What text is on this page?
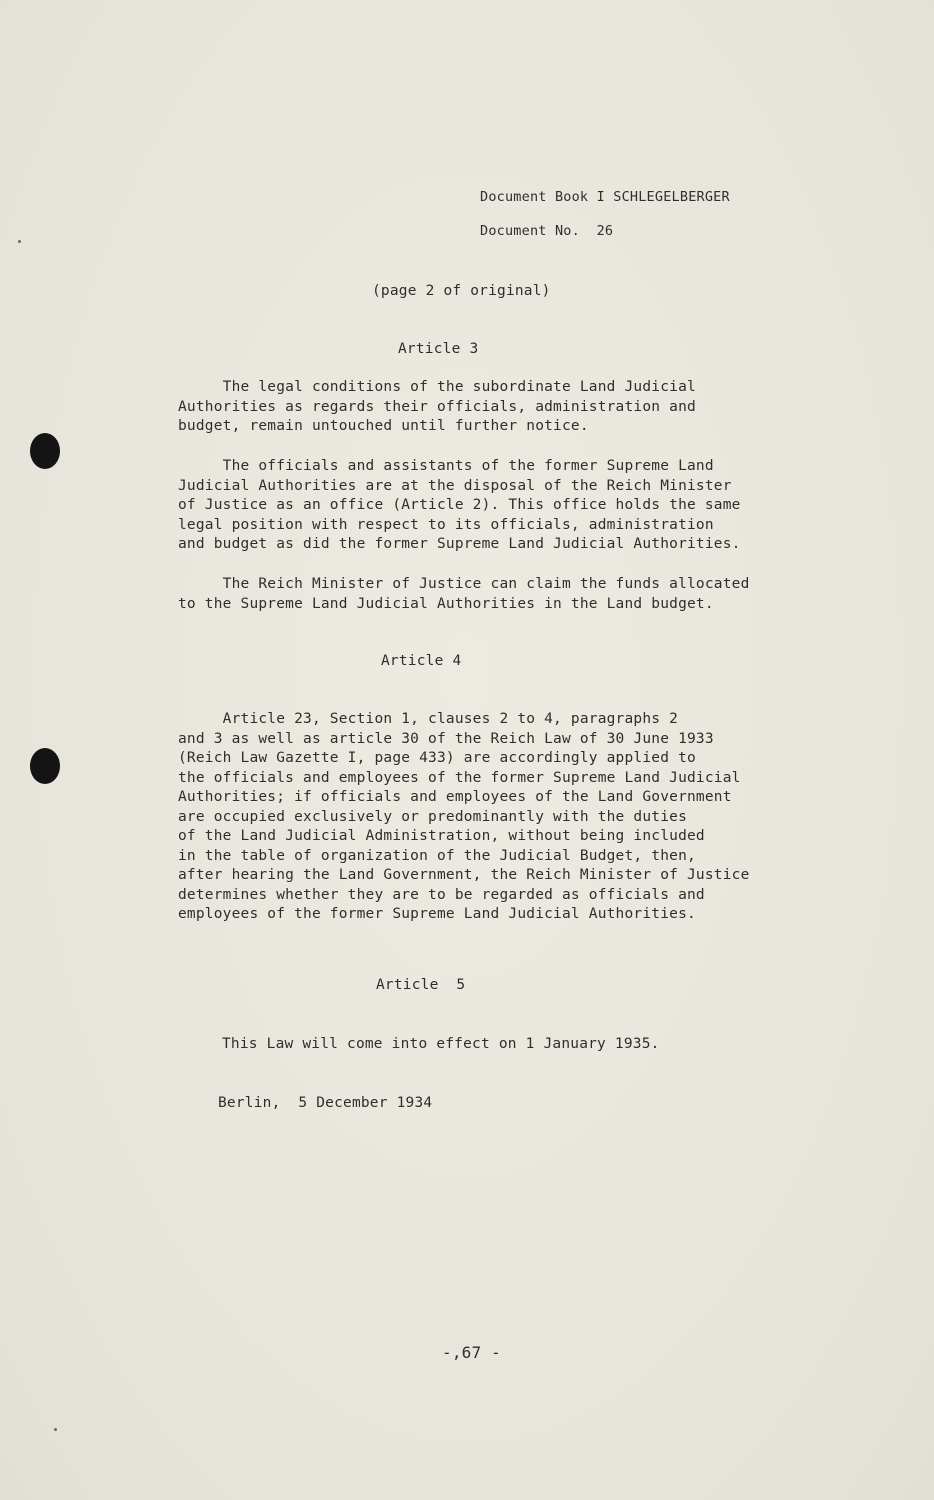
Document Book I SCHLEGELBERGER
Document No.  26
(page 2 of original)
Article 3
The legal conditions of the subordinate Land Judicial
Authorities as regards their officials, administration and
budget, remain untouched until further notice.
The officials and assistants of the former Supreme Land
Judicial Authorities are at the disposal of the Reich Minister
of Justice as an office (Article 2). This office holds the same
legal position with respect to its officials, administration
and budget as did the former Supreme Land Judicial Authorities.
The Reich Minister of Justice can claim the funds allocated
to the Supreme Land Judicial Authorities in the Land budget.
Article 4
Article 23, Section 1, clauses 2 to 4, paragraphs 2
and 3 as well as article 30 of the Reich Law of 30 June 1933
(Reich Law Gazette I, page 433) are accordingly applied to
the officials and employees of the former Supreme Land Judicial
Authorities; if officials and employees of the Land Government
are occupied exclusively or predominantly with the duties
of the Land Judicial Administration, without being included
in the table of organization of the Judicial Budget, then,
after hearing the Land Government, the Reich Minister of Justice
determines whether they are to be regarded as officials and
employees of the former Supreme Land Judicial Authorities.
Article  5
This Law will come into effect on 1 January 1935.
Berlin,  5 December 1934
-,67 -
